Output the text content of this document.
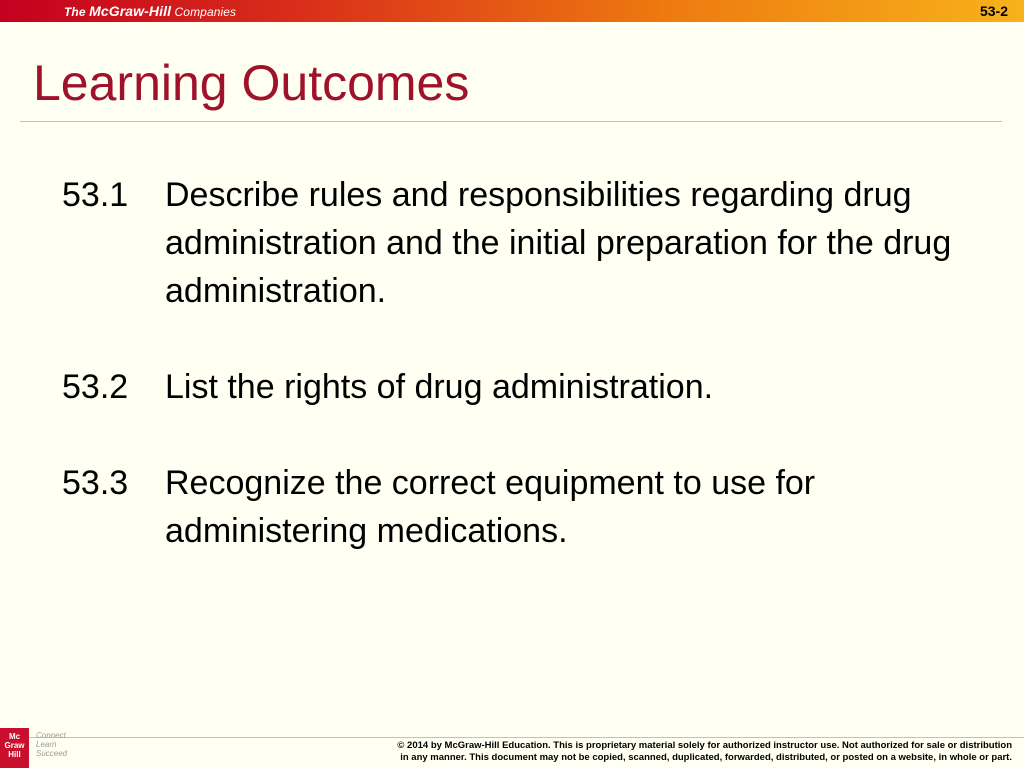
The McGraw-Hill Companies	53-2
Learning Outcomes
53.1	Describe rules and responsibilities regarding drug administration and the initial preparation for the drug administration.
53.2	List the rights of drug administration.
53.3	Recognize the correct equipment to use for administering medications.
Mc
Graw
Hill
Connect
Learn
Succeed
© 2014 by McGraw-Hill Education. This is proprietary material solely for authorized instructor use. Not authorized for sale or distribution
in any manner. This document may not be copied, scanned, duplicated, forwarded, distributed, or posted on a website, in whole or part.
